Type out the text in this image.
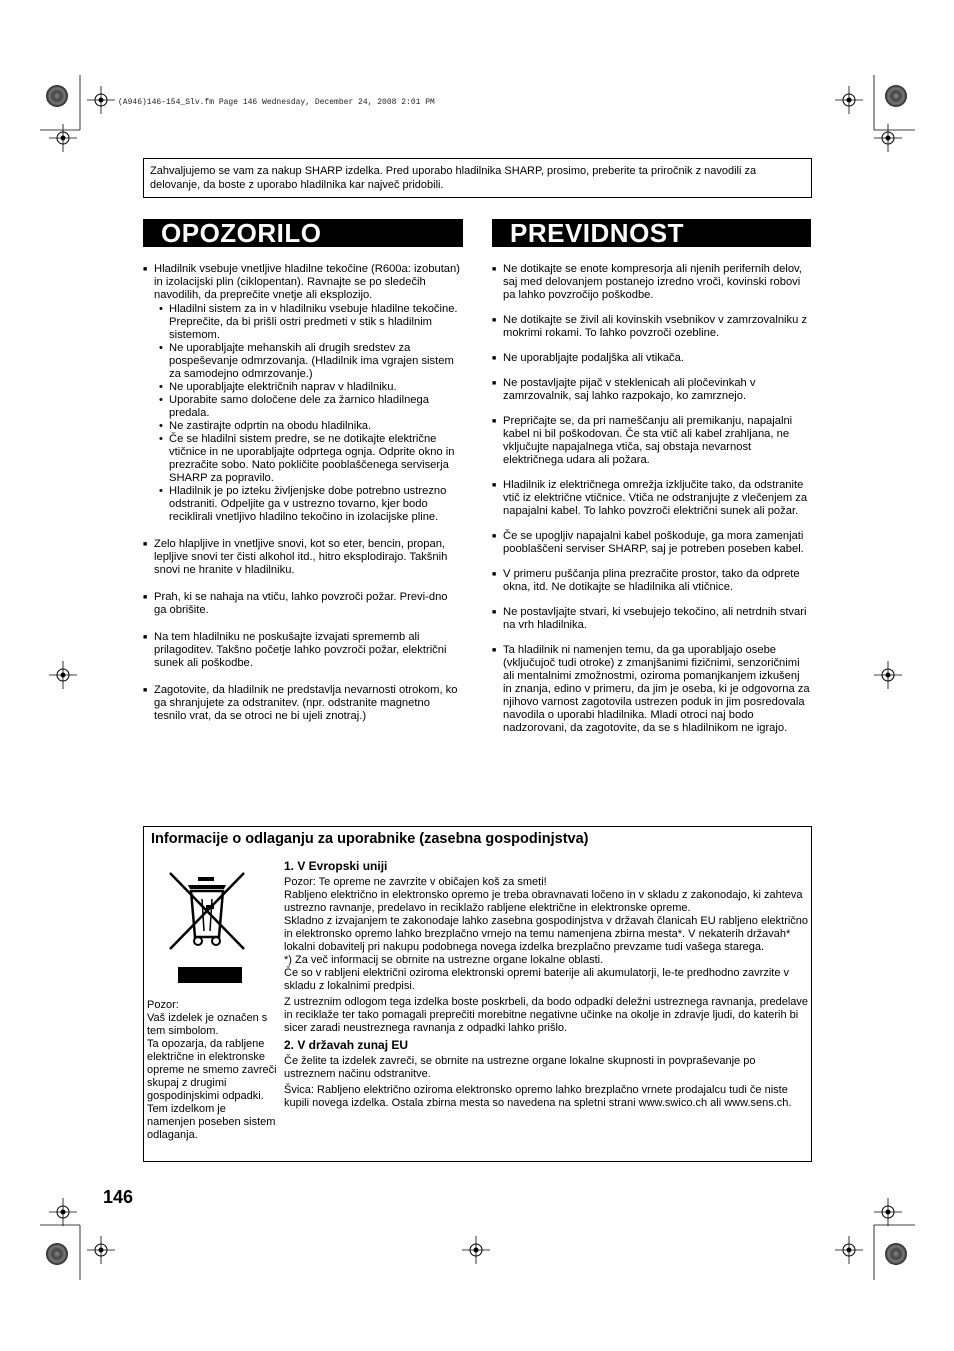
(A946)146-154_Slv.fm Page 146 Wednesday, December 24, 2008 2:01 PM
Zahvaljujemo se vam za nakup SHARP izdelka. Pred uporabo hladilnika SHARP, prosimo, preberite ta priročnik z navodili za delovanje, da boste z uporabo hladilnika kar največ pridobili.
OPOZORILO
■ Hladilnik vsebuje vnetljive hladilne tekočine (R600a: izobutan) in izolacijski plin (ciklopentan). Ravnajte se po sledečih navodilih, da preprečite vnetje ali eksplozijo.
• Hladilni sistem za in v hladilniku vsebuje hladilne tekočine. Preprečite, da bi prišli ostri predmeti v stik s hladilnim sistemom.
• Ne uporabljajte mehanskih ali drugih sredstev za pospeševanje odmrzovanja. (Hladilnik ima vgrajen sistem za samodejno odmrzovanje.)
• Ne uporabljajte električnih naprav v hladilniku.
• Uporabite samo določene dele za žarnico hladilnega predala.
• Ne zastirajte odprtin na obodu hladilnika.
• Če se hladilni sistem predre, se ne dotikajte električne vtičnice in ne uporabljajte odprtega ognja. Odprite okno in prezračite sobo. Nato pokličite pooblaščenega serviserja SHARP za popravilo.
• Hladilnik je po izteku življenjske dobe potrebno ustrezno odstraniti. Odpeljite ga v ustrezno tovarno, kjer bodo reciklirali vnetljivo hladilno tekočino in izolacijske pline.
■ Zelo hlapljive in vnetljive snovi, kot so eter, bencin, propan, lepljive snovi ter čisti alkohol itd., hitro eksplodirajo. Takšnih snovi ne hranite v hladilniku.
■ Prah, ki se nahaja na vtiču, lahko povzroči požar. Previ-dno ga obrišite.
■ Na tem hladilniku ne poskušajte izvajati sprememb ali prilagoditev. Takšno početje lahko povzroči požar, električni sunek ali poškodbe.
■ Zagotovite, da hladilnik ne predstavlja nevarnosti otrokom, ko ga shranjujete za odstranitev. (npr. odstranite magnetno tesnilo vrat, da se otroci ne bi ujeli znotraj.)
PREVIDNOST
■ Ne dotikajte se enote kompresorja ali njenih perifernih delov, saj med delovanjem postanejo izredno vroči, kovinski robovi pa lahko povzročijo poškodbe.
■ Ne dotikajte se živil ali kovinskih vsebnikov v zamrzovalniku z mokrimi rokami. To lahko povzroči ozebline.
■ Ne uporabljajte podaljška ali vtikača.
■ Ne postavljajte pijač v steklenicah ali pločevinkah v zamrzovalnik, saj lahko razpokajo, ko zamrznejo.
■ Prepričajte se, da pri nameščanju ali premikanju, napajalni kabel ni bil poškodovan. Če sta vtič ali kabel zrahljana, ne vključujte napajalnega vtiča, saj obstaja nevarnost električnega udara ali požara.
■ Hladilnik iz električnega omrežja izključite tako, da odstranite vtič iz električne vtičnice. Vtiča ne odstranjujte z vlečenjem za napajalni kabel. To lahko povzroči električni sunek ali požar.
■ Če se upogljiv napajalni kabel poškoduje, ga mora zamenjati pooblaščeni serviser SHARP, saj je potreben poseben kabel.
■ V primeru puščanja plina prezračite prostor, tako da odprete okna, itd. Ne dotikajte se hladilnika ali vtičnice.
■ Ne postavljajte stvari, ki vsebujejo tekočino, ali netrdnih stvari na vrh hladilnika.
■ Ta hladilnik ni namenjen temu, da ga uporabljajo osebe (vključujoč tudi otroke) z zmanjšanimi fizičnimi, senzoričnimi ali mentalnimi zmožnostmi, oziroma pomanjkanjem izkušenj in znanja, edino v primeru, da jim je oseba, ki je odgovorna za njihovo varnost zagotovila ustrezen poduk in jim posredovala navodila o uporabi hladilnika. Mladi otroci naj bodo nadzorovani, da zagotovite, da se s hladilnikom ne igrajo.
Informacije o odlaganju za uporabnike (zasebna gospodinjstva)
Pozor:
Vaš izdelek je označen s tem simbolom.
Ta opozarja, da rabljene električne in elektronske opreme ne smemo zavreči skupaj z drugimi gospodinjskimi odpadki. Tem izdelkom je namenjen poseben sistem odlaganja.
1. V Evropski uniji

Pozor: Te opreme ne zavrzite v običajen koš za smeti!
Rabljeno električno in elektronsko opremo je treba obravnavati ločeno in v skladu z zakonodajo, ki zahteva ustrezno ravnanje, predelavo in reciklažo rabljene električne in elektronske opreme.
Skladno z izvajanjem te zakonodaje lahko zasebna gospodinjstva v državah članicah EU rabljeno električno in elektronsko opremo lahko brezplačno vrnejo na temu namenjena zbirna mesta*. V nekaterih državah* lokalni dobavitelj pri nakupu podobnega novega izdelka brezplačno prevzame tudi vašega starega.
*) Za več informacij se obrnite na ustrezne organe lokalne oblasti.
Če so v rabljeni električni oziroma elektronski opremi baterije ali akumulatorji, le-te predhodno zavrzite v skladu z lokalnimi predpisi.

Z ustreznim odlogom tega izdelka boste poskrbeli, da bodo odpadki deležni ustreznega ravnanja, predelave in reciklaže ter tako pomagali preprečiti morebitne negativne učinke na okolje in zdravje ljudi, do katerih bi sicer zaradi neustreznega ravnanja z odpadki lahko prišlo.

2. V državah zunaj EU

Če želite ta izdelek zavreči, se obrnite na ustrezne organe lokalne skupnosti in povpraševanje po ustreznem načinu odstranitve.

Švica: Rabljeno električno oziroma elektronsko opremo lahko brezplačno vrnete prodajalcu tudi če niste kupili novega izdelka. Ostala zbirna mesta so navedena na spletni strani www.swico.ch ali www.sens.ch.

146
